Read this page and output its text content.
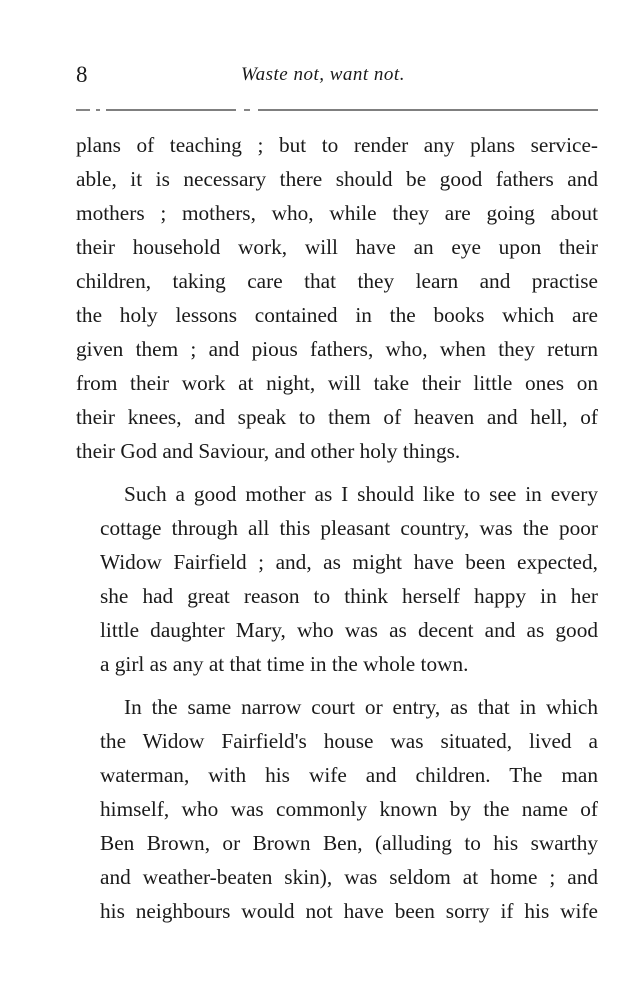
8	Waste not, want not.
plans of teaching ; but to render any plans service-
able, it is necessary there should be good fathers and
mothers ; mothers, who, while they are going about
their household work, will have an eye upon their
children, taking care that they learn and practise
the holy lessons contained in the books which are
given them ; and pious fathers, who, when they return
from their work at night, will take their little ones on
their knees, and speak to them of heaven and hell, of
their God and Saviour, and other holy things.
Such a good mother as I should like to see in every
cottage through all this pleasant country, was the poor
Widow Fairfield ; and, as might have been expected,
she had great reason to think herself happy in her
little daughter Mary, who was as decent and as good
a girl as any at that time in the whole town.
In the same narrow court or entry, as that in which
the Widow Fairfield's house was situated, lived a
waterman, with his wife and children. The man
himself, who was commonly known by the name of
Ben Brown, or Brown Ben, (alluding to his swarthy
and weather-beaten skin), was seldom at home ; and
his neighbours would not have been sorry if his wife
